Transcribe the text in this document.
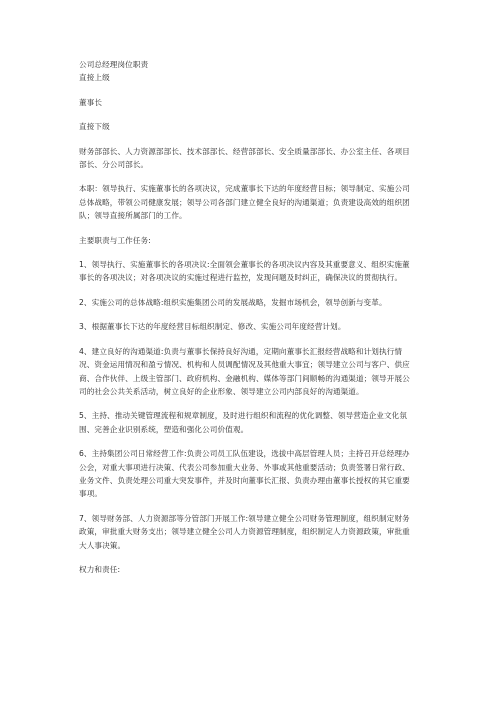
公司总经理岗位职责

直接上级

董事长

直接下级

财务部部长、人力资源部部长、技术部部长、经营部部长、安全质量部部长、办公室主任、各项目部长、分公司部长。

本职：领导执行、实施董事长的各项决议，完成董事长下达的年度经营目标；领导制定、实施公司总体战略，带领公司健康发展；领导公司各部门建立健全良好的沟通渠道；负责建设高效的组织团队；领导直接所属部门的工作。

主要职责与工作任务:

1、领导执行、实施董事长的各项决议:全面领会董事长的各项决议内容及其重要意义、组织实施董事长的各项决议；对各项决议的实施过程进行监控，发现问题及时纠正，确保决议的贯彻执行。

2、实施公司的总体战略:组织实施集团公司的发展战略，发掘市场机会，领导创新与变革。

3、根据董事长下达的年度经营目标组织制定、修改、实施公司年度经营计划。

4、建立良好的沟通渠道:负责与董事长保持良好沟通，定期向董事长汇报经营战略和计划执行情况、资金运用情况和盈亏情况、机构和人员调配情况及其他重大事宜；领导建立公司与客户、供应商、合作伙伴、上级主管部门、政府机构、金融机构、媒体等部门间顺畅的沟通渠道；领导开展公司的社会公共关系活动，树立良好的企业形象、领导建立公司内部良好的沟通渠道。

5、主持、推动关键管理流程和规章制度，及时进行组织和流程的优化调整、领导营造企业文化氛围、完善企业识别系统，塑造和强化公司价值观。

6、主持集团公司日常经营工作:负责公司员工队伍建设，选拔中高层管理人员；主持召开总经理办公会，对重大事项进行决策、代表公司参加重大业务、外事或其他重要活动；负责签署日常行政、业务文件、负责处理公司重大突发事件，并及时向董事长汇报、负责办理由董事长授权的其它重要事项。

7、领导财务部、人力资源部等分管部门开展工作:领导建立健全公司财务管理制度，组织制定财务政策，审批重大财务支出；领导建立健全公司人力资源管理制度，组织制定人力资源政策，审批重大人事决策。

权力和责任:
